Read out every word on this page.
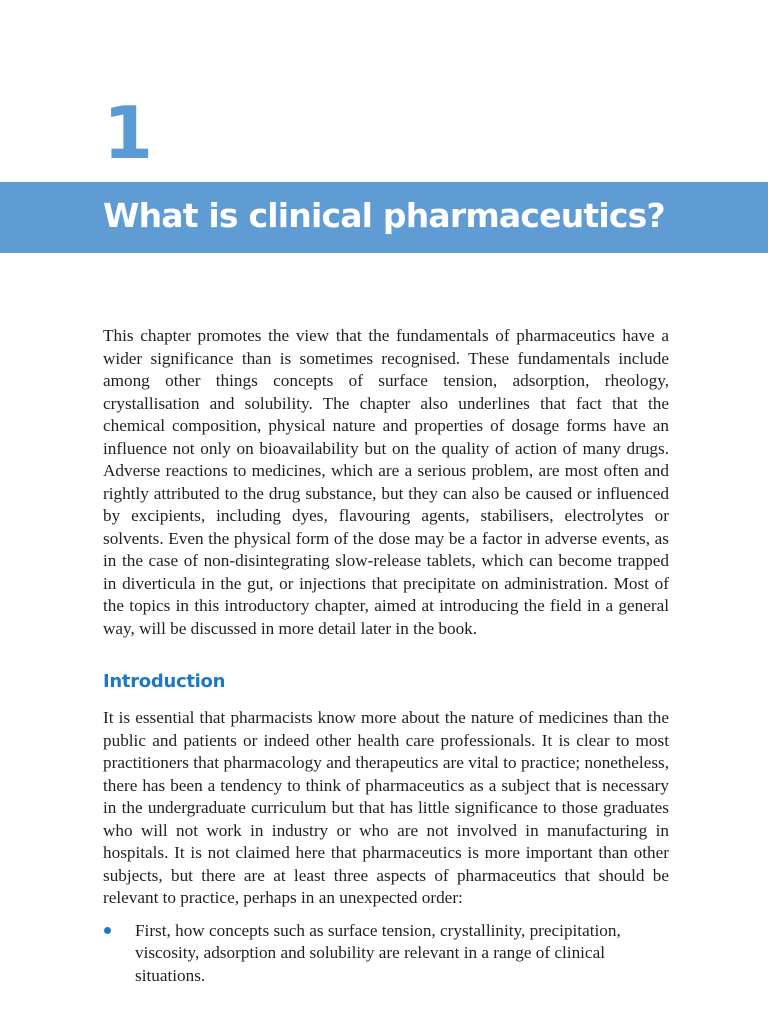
1
What is clinical pharmaceutics?

This chapter promotes the view that the fundamentals of pharmaceutics have a wider significance than is sometimes recognised. These fundamentals include among other things concepts of surface tension, adsorption, rheology, crystallisation and solubility. The chapter also underlines that fact that the chemical composition, physical nature and properties of dosage forms have an influence not only on bioavailability but on the quality of action of many drugs. Adverse reactions to medicines, which are a serious problem, are most often and rightly attributed to the drug substance, but they can also be caused or influenced by excipients, including dyes, flavouring agents, stabilisers, electrolytes or solvents. Even the physical form of the dose may be a factor in adverse events, as in the case of non-disintegrating slow-release tablets, which can become trapped in diverticula in the gut, or injections that precipitate on administration. Most of the topics in this introductory chapter, aimed at introducing the field in a general way, will be discussed in more detail later in the book.

Introduction

It is essential that pharmacists know more about the nature of medicines than the public and patients or indeed other health care professionals. It is clear to most practitioners that pharmacology and therapeutics are vital to practice; nonetheless, there has been a tendency to think of pharmaceutics as a subject that is necessary in the undergraduate curriculum but that has little significance to those graduates who will not work in industry or who are not involved in manufacturing in hospitals. It is not claimed here that pharmaceutics is more important than other subjects, but there are at least three aspects of pharmaceutics that should be relevant to practice, perhaps in an unexpected order:

First, how concepts such as surface tension, crystallinity, precipitation, viscosity, adsorption and solubility are relevant in a range of clinical situations.
